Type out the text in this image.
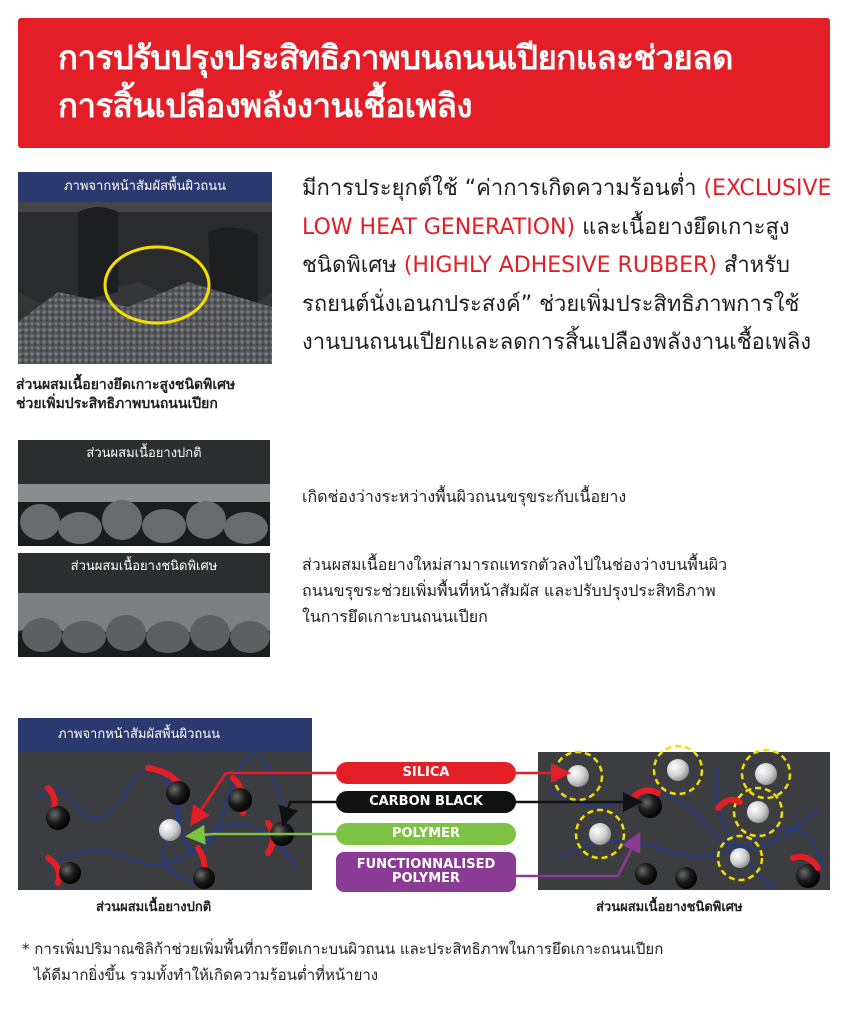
การปรับปรุงประสิทธิภาพบนถนนเปียกและช่วยลด
การสิ้นเปลืองพลังงานเชื้อเพลิง
ภาพจากหน้าสัมผัสพื้นผิวถนน
ส่วนผสมเนื้อยางยึดเกาะสูงชนิดพิเศษ
ช่วยเพิ่มประสิทธิภาพบนถนนเปียก
มีการประยุกต์ใช้ “ค่าการเกิดความร้อนต่ำ (EXCLUSIVE LOW HEAT GENERATION) และเนื้อยางยึดเกาะสูงชนิดพิเศษ (HIGHLY ADHESIVE RUBBER) สำหรับรถยนต์นั่งเอนกประสงค์” ช่วยเพิ่มประสิทธิภาพการใช้งานบนถนนเปียกและลดการสิ้นเปลืองพลังงานเชื้อเพลิง
ส่วนผสมเนื้อยางปกติ
ส่วนผสมเนื้อยางชนิดพิเศษ
เกิดช่องว่างระหว่างพื้นผิวถนนขรุขระกับเนื้อยาง
ส่วนผสมเนื้อยางใหม่สามารถแทรกตัวลงไปในช่องว่างบนพื้นผิว
ถนนขรุขระช่วยเพิ่มพื้นที่หน้าสัมผัส และปรับปรุงประสิทธิภาพ
ในการยึดเกาะบนถนนเปียก
ภาพจากหน้าสัมผัสพื้นผิวถนน
SILICA
CARBON BLACK
POLYMER
FUNCTIONNALISED
POLYMER
ส่วนผสมเนื้อยางปกติ	ส่วนผสมเนื้อยางชนิดพิเศษ
* การเพิ่มปริมาณซิลิก้าช่วยเพิ่มพื้นที่การยึดเกาะบนผิวถนน และประสิทธิภาพในการยึดเกาะถนนเปียก
ได้ดีมากยิ่งขึ้น รวมทั้งทำให้เกิดความร้อนต่ำที่หน้ายาง
